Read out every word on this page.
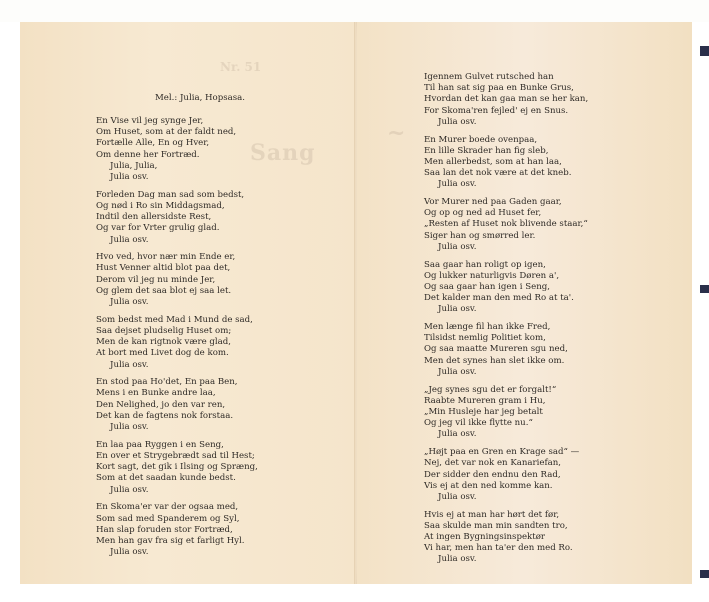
Nr. 51
Sang
~
Mel.: Julia, Hopsasa.
En Vise vil jeg synge Jer,
Om Huset, som at der faldt ned,
Fortælle Alle, En og Hver,
Om denne her Fortræd.
Julia, Julia,
Julia osv.
Forleden Dag man sad som bedst,
Og nød i Ro sin Middagsmad,
Indtil den allersidste Rest,
Og var for Vrter grulig glad.
Julia osv.
Hvo ved, hvor nær min Ende er,
Hust Venner altid blot paa det,
Derom vil jeg nu minde Jer,
Og glem det saa blot ej saa let.
Julia osv.
Som bedst med Mad i Mund de sad,
Saa dejset pludselig Huset om;
Men de kan rigtnok være glad,
At bort med Livet dog de kom.
Julia osv.
En stod paa Ho'det, En paa Ben,
Mens i en Bunke andre laa,
Den Nelighed, jo den var ren,
Det kan de fagtens nok forstaa.
Julia osv.
En laa paa Ryggen i en Seng,
En over et Strygebrædt sad til Hest;
Kort sagt, det gik i Ilsing og Spræng,
Som at det saadan kunde bedst.
Julia osv.
En Skoma'er var der ogsaa med,
Som sad med Spanderem og Syl,
Han slap foruden stor Fortræd,
Men han gav fra sig et farligt Hyl.
Julia osv.
Igennem Gulvet rutsched han
Til han sat sig paa en Bunke Grus,
Hvordan det kan gaa man se her kan,
For Skoma'ren fejled' ej en Snus.
Julia osv.
En Murer boede ovenpaa,
En lille Skrader han fig sleb,
Men allerbedst, som at han laa,
Saa lan det nok være at det kneb.
Julia osv.
Vor Murer ned paa Gaden gaar,
Og op og ned ad Huset fer,
„Resten af Huset nok blivende staar,“
Siger han og smørred ler.
Julia osv.
Saa gaar han roligt op igen,
Og lukker naturligvis Døren a',
Og saa gaar han igen i Seng,
Det kalder man den med Ro at ta'.
Julia osv.
Men længe fil han ikke Fred,
Tilsidst nemlig Politiet kom,
Og saa maatte Mureren sgu ned,
Men det synes han slet ikke om.
Julia osv.
„Jeg synes sgu det er forgalt!“
Raabte Mureren gram i Hu,
„Min Husleje har jeg betalt
Og jeg vil ikke flytte nu.“
Julia osv.
„Højt paa en Gren en Krage sad“ —
Nej, det var nok en Kanariefan,
Der sidder den endnu den Rad,
Vis ej at den ned komme kan.
Julia osv.
Hvis ej at man har hørt det før,
Saa skulde man min sandten tro,
At ingen Bygningsinspektør
Vi har, men han ta'er den med Ro.
Julia osv.
